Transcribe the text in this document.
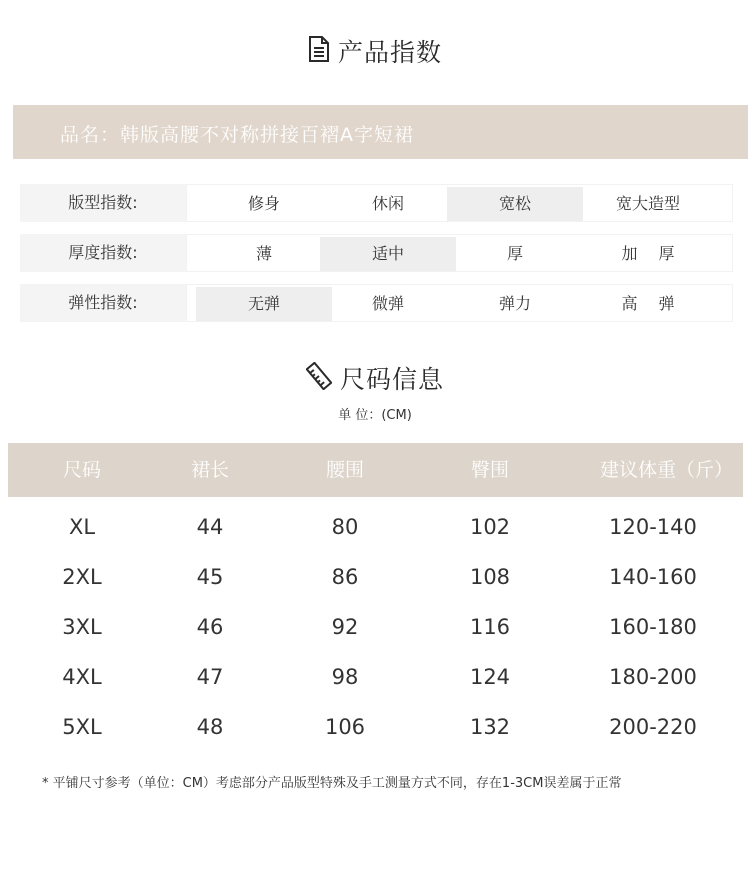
产品指数
品名：韩版高腰不对称拼接百褶A字短裙
版型指数:	修身	休闲	宽松	宽大造型
厚度指数:	薄	适中	厚	加　 厚
弹性指数:	无弹	微弹	弹力	高　 弹
尺码信息
单 位：(CM)
尺码	裙长	腰围	臀围	建议体重（斤）
XL	44	80	102	120-140
2XL	45	86	108	140-160
3XL	46	92	116	160-180
4XL	47	98	124	180-200
5XL	48	106	132	200-220
* 平铺尺寸参考（单位：CM）考虑部分产品版型特殊及手工测量方式不同，存在1-3CM误差属于正常
